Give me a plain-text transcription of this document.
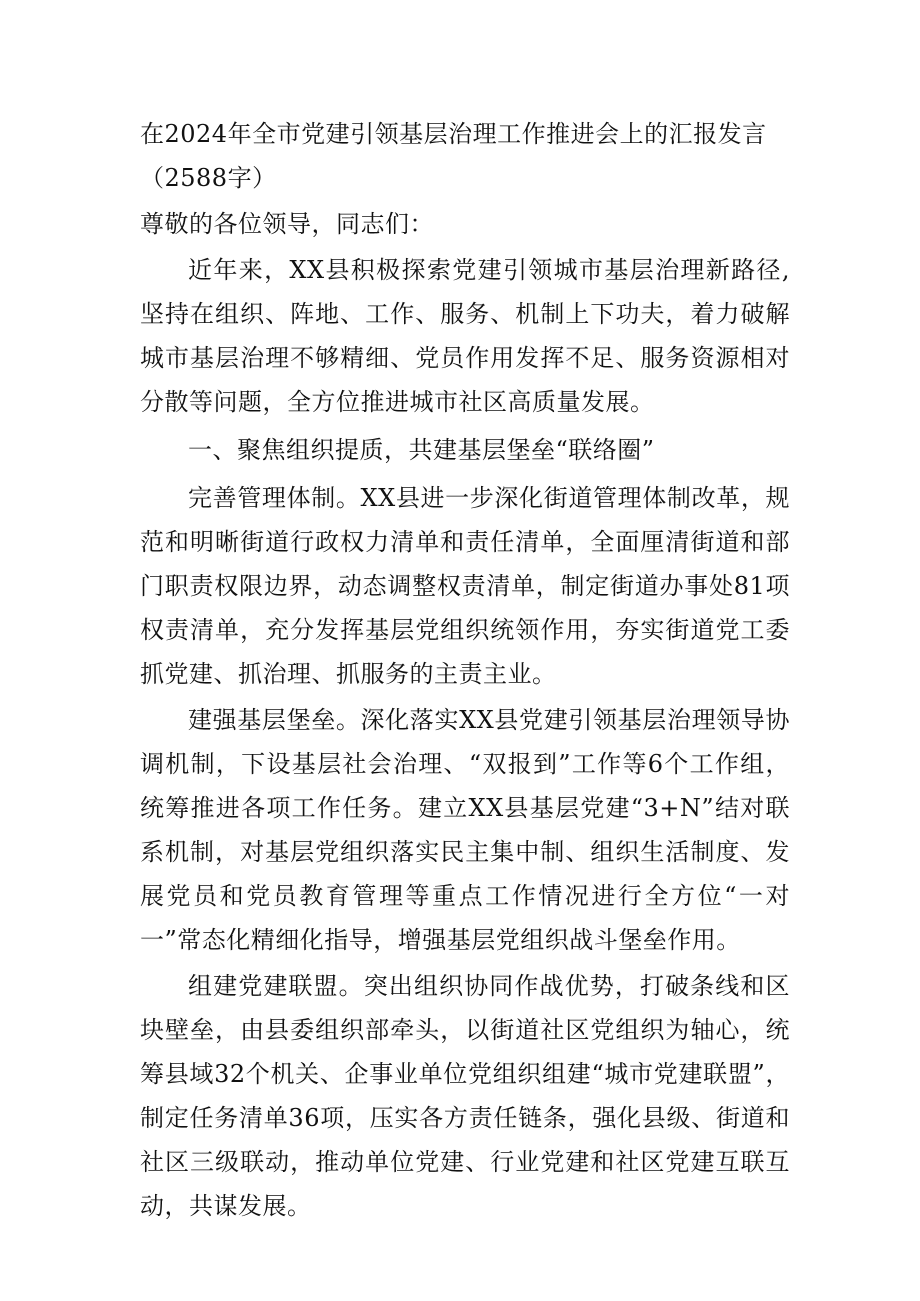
在2024年全市党建引领基层治理工作推进会上的汇报发言（2588字）

尊敬的各位领导，同志们：

近年来，XX县积极探索党建引领城市基层治理新路径,坚持在组织、阵地、工作、服务、机制上下功夫，着力破解城市基层治理不够精细、党员作用发挥不足、服务资源相对分散等问题，全方位推进城市社区高质量发展。

一、聚焦组织提质，共建基层堡垒“联络圈”

完善管理体制。XX县进一步深化街道管理体制改革，规范和明晰街道行政权力清单和责任清单，全面厘清街道和部门职责权限边界，动态调整权责清单，制定街道办事处81项权责清单，充分发挥基层党组织统领作用，夯实街道党工委抓党建、抓治理、抓服务的主责主业。

建强基层堡垒。深化落实XX县党建引领基层治理领导协调机制，下设基层社会治理、“双报到”工作等6个工作组，统筹推进各项工作任务。建立XX县基层党建“3+N”结对联系机制，对基层党组织落实民主集中制、组织生活制度、发展党员和党员教育管理等重点工作情况进行全方位“一对一”常态化精细化指导，增强基层党组织战斗堡垒作用。

组建党建联盟。突出组织协同作战优势，打破条线和区块壁垒，由县委组织部牵头，以街道社区党组织为轴心，统筹县域32个机关、企事业单位党组织组建“城市党建联盟”，制定任务清单36项，压实各方责任链条，强化县级、街道和社区三级联动，推动单位党建、行业党建和社区党建互联互动，共谋发展。
